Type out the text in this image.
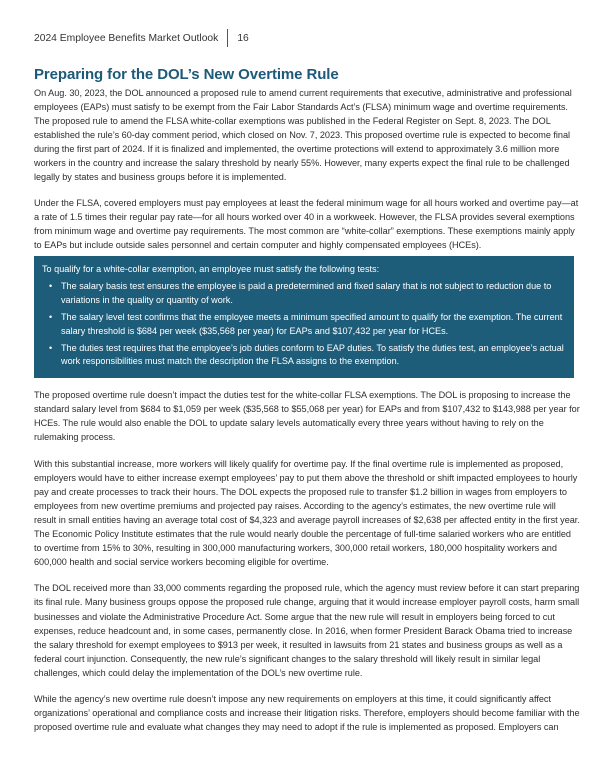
2024 Employee Benefits Market Outlook 16
Preparing for the DOL’s New Overtime Rule

On Aug. 30, 2023, the DOL announced a proposed rule to amend current requirements that executive, administrative and professional employees (EAPs) must satisfy to be exempt from the Fair Labor Standards Act’s (FLSA) minimum wage and overtime requirements. The proposed rule to amend the FLSA white-collar exemptions was published in the Federal Register on Sept. 8, 2023. The DOL established the rule’s 60-day comment period, which closed on Nov. 7, 2023. This proposed overtime rule is expected to become final during the first part of 2024. If it is finalized and implemented, the overtime protections will extend to approximately 3.6 million more workers in the country and increase the salary threshold by nearly 55%. However, many experts expect the final rule to be challenged legally by states and business groups before it is implemented.

Under the FLSA, covered employers must pay employees at least the federal minimum wage for all hours worked and overtime pay—at a rate of 1.5 times their regular pay rate—for all hours worked over 40 in a workweek. However, the FLSA provides several exemptions from minimum wage and overtime pay requirements. The most common are “white-collar” exemptions. These exemptions mainly apply to EAPs but include outside sales personnel and certain computer and highly compensated employees (HCEs).

To qualify for a white-collar exemption, an employee must satisfy the following tests:
• The salary basis test ensures the employee is paid a predetermined and fixed salary that is not subject to reduction due to variations in the quality or quantity of work.
• The salary level test confirms that the employee meets a minimum specified amount to qualify for the exemption. The current salary threshold is $684 per week ($35,568 per year) for EAPs and $107,432 per year for HCEs.
• The duties test requires that the employee’s job duties conform to EAP duties. To satisfy the duties test, an employee’s actual work responsibilities must match the description the FLSA assigns to the exemption.

The proposed overtime rule doesn’t impact the duties test for the white-collar FLSA exemptions. The DOL is proposing to increase the standard salary level from $684 to $1,059 per week ($35,568 to $55,068 per year) for EAPs and from $107,432 to $143,988 per year for HCEs. The rule would also enable the DOL to update salary levels automatically every three years without having to rely on the rulemaking process.

With this substantial increase, more workers will likely qualify for overtime pay. If the final overtime rule is implemented as proposed, employers would have to either increase exempt employees’ pay to put them above the threshold or shift impacted employees to hourly pay and create processes to track their hours. The DOL expects the proposed rule to transfer $1.2 billion in wages from employers to employees from new overtime premiums and projected pay raises. According to the agency’s estimates, the new overtime rule will result in small entities having an average total cost of $4,323 and average payroll increases of $2,638 per affected entity in the first year. The Economic Policy Institute estimates that the rule would nearly double the percentage of full-time salaried workers who are entitled to overtime from 15% to 30%, resulting in 300,000 manufacturing workers, 300,000 retail workers, 180,000 hospitality workers and 600,000 health and social service workers becoming eligible for overtime.

The DOL received more than 33,000 comments regarding the proposed rule, which the agency must review before it can start preparing its final rule. Many business groups oppose the proposed rule change, arguing that it would increase employer payroll costs, harm small businesses and violate the Administrative Procedure Act. Some argue that the new rule will result in employers being forced to cut expenses, reduce headcount and, in some cases, permanently close. In 2016, when former President Barack Obama tried to increase the salary threshold for exempt employees to $913 per week, it resulted in lawsuits from 21 states and business groups as well as a federal court injunction. Consequently, the new rule’s significant changes to the salary threshold will likely result in similar legal challenges, which could delay the implementation of the DOL’s new overtime rule.

While the agency’s new overtime rule doesn’t impose any new requirements on employers at this time, it could significantly affect organizations’ operational and compliance costs and increase their litigation risks. Therefore, employers should become familiar with the proposed overtime rule and evaluate what changes they may need to adopt if the rule is implemented as proposed. Employers can
